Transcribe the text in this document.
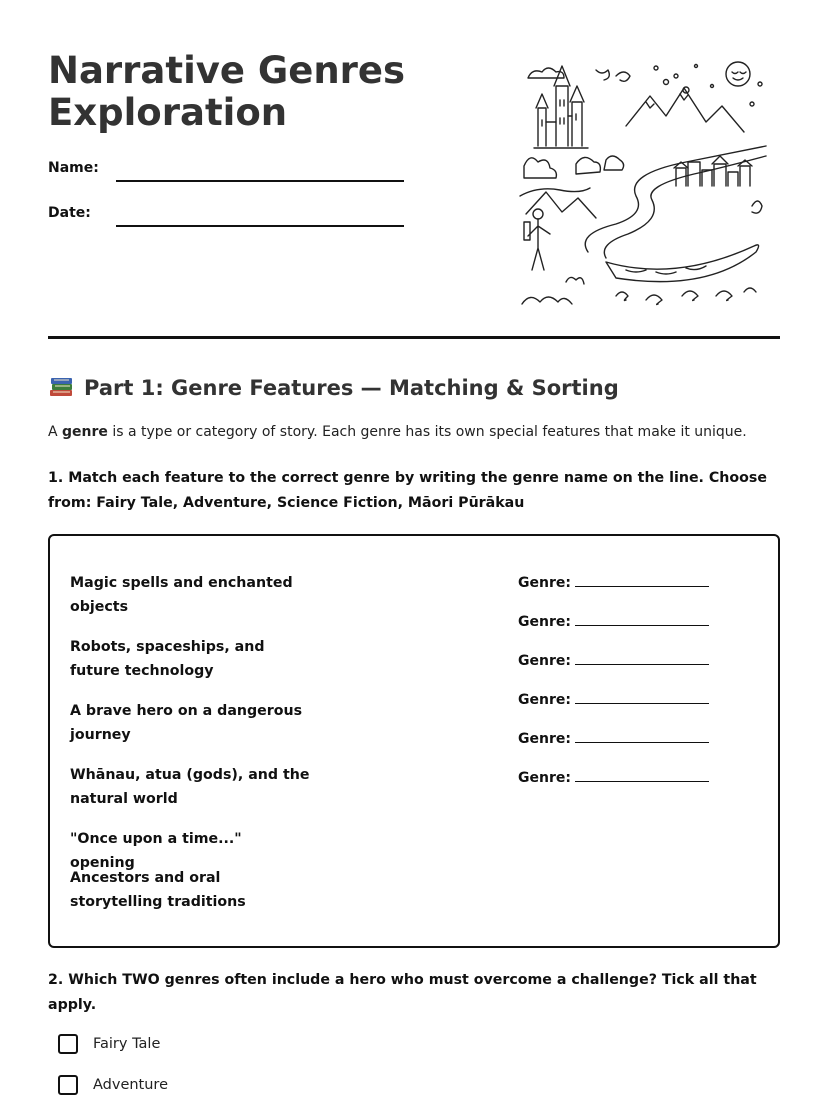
Narrative Genres Exploration
Name:
Date:
Part 1: Genre Features — Matching & Sorting

A genre is a type or category of story. Each genre has its own special features that make it unique.

1. Match each feature to the correct genre by writing the genre name on the line. Choose from: Fairy Tale, Adventure, Science Fiction, Māori Pūrākau

Magic spells and enchanted objects
Robots, spaceships, and future technology
A brave hero on a dangerous journey
Whānau, atua (gods), and the natural world
"Once upon a time..." opening
Ancestors and oral storytelling traditions
Genre:
Genre:
Genre:
Genre:
Genre:
Genre:

2. Which TWO genres often include a hero who must overcome a challenge? Tick all that apply.

Fairy Tale
Adventure
